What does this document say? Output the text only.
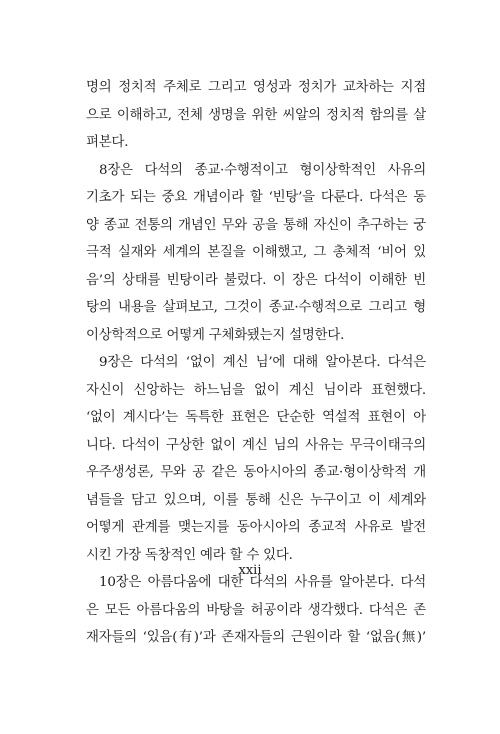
명의 정치적 주체로 그리고 영성과 정치가 교차하는 지점
으로 이해하고, 전체 생명을 위한 씨알의 정치적 함의를 살
펴본다.
8장은 다석의 종교·수행적이고 형이상학적인 사유의
기초가 되는 중요 개념이라 할 ‘빈탕’을 다룬다. 다석은 동
양 종교 전통의 개념인 무와 공을 통해 자신이 추구하는 궁
극적 실재와 세계의 본질을 이해했고, 그 총체적 ‘비어 있
음’의 상태를 빈탕이라 불렀다. 이 장은 다석이 이해한 빈
탕의 내용을 살펴보고, 그것이 종교·수행적으로 그리고 형
이상학적으로 어떻게 구체화됐는지 설명한다.
9장은 다석의 ‘없이 계신 님’에 대해 알아본다. 다석은
자신이 신앙하는 하느님을 없이 계신 님이라 표현했다.
‘없이 계시다’는 독특한 표현은 단순한 역설적 표현이 아
니다. 다석이 구상한 없이 계신 님의 사유는 무극이태극의
우주생성론, 무와 공 같은 동아시아의 종교·형이상학적 개
념들을 담고 있으며, 이를 통해 신은 누구이고 이 세계와
어떻게 관계를 맺는지를 동아시아의 종교적 사유로 발전
시킨 가장 독창적인 예라 할 수 있다.
10장은 아름다움에 대한 다석의 사유를 알아본다. 다석
은 모든 아름다움의 바탕을 허공이라 생각했다. 다석은 존
재자들의 ‘있음(有)’과 존재자들의 근원이라 할 ‘없음(無)’
xxii
